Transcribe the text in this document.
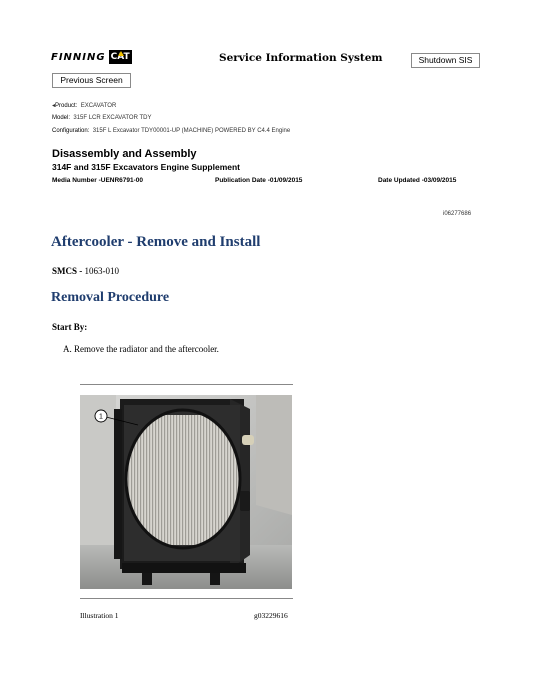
FINNING CAT	Service Information System	Shutdown SIS
Previous Screen
◂Product: EXCAVATOR
Model: 315F LCR EXCAVATOR TDY
Configuration: 315F L Excavator TDY00001-UP (MACHINE) POWERED BY C4.4 Engine
Disassembly and Assembly
314F and 315F Excavators Engine Supplement
Media Number -UENR6791-00	Publication Date -01/09/2015	Date Updated -03/09/2015
i06277686
Aftercooler - Remove and Install
SMCS - 1063-010
Removal Procedure
Start By:
A. Remove the radiator and the aftercooler.
1
Illustration 1	g03229616
